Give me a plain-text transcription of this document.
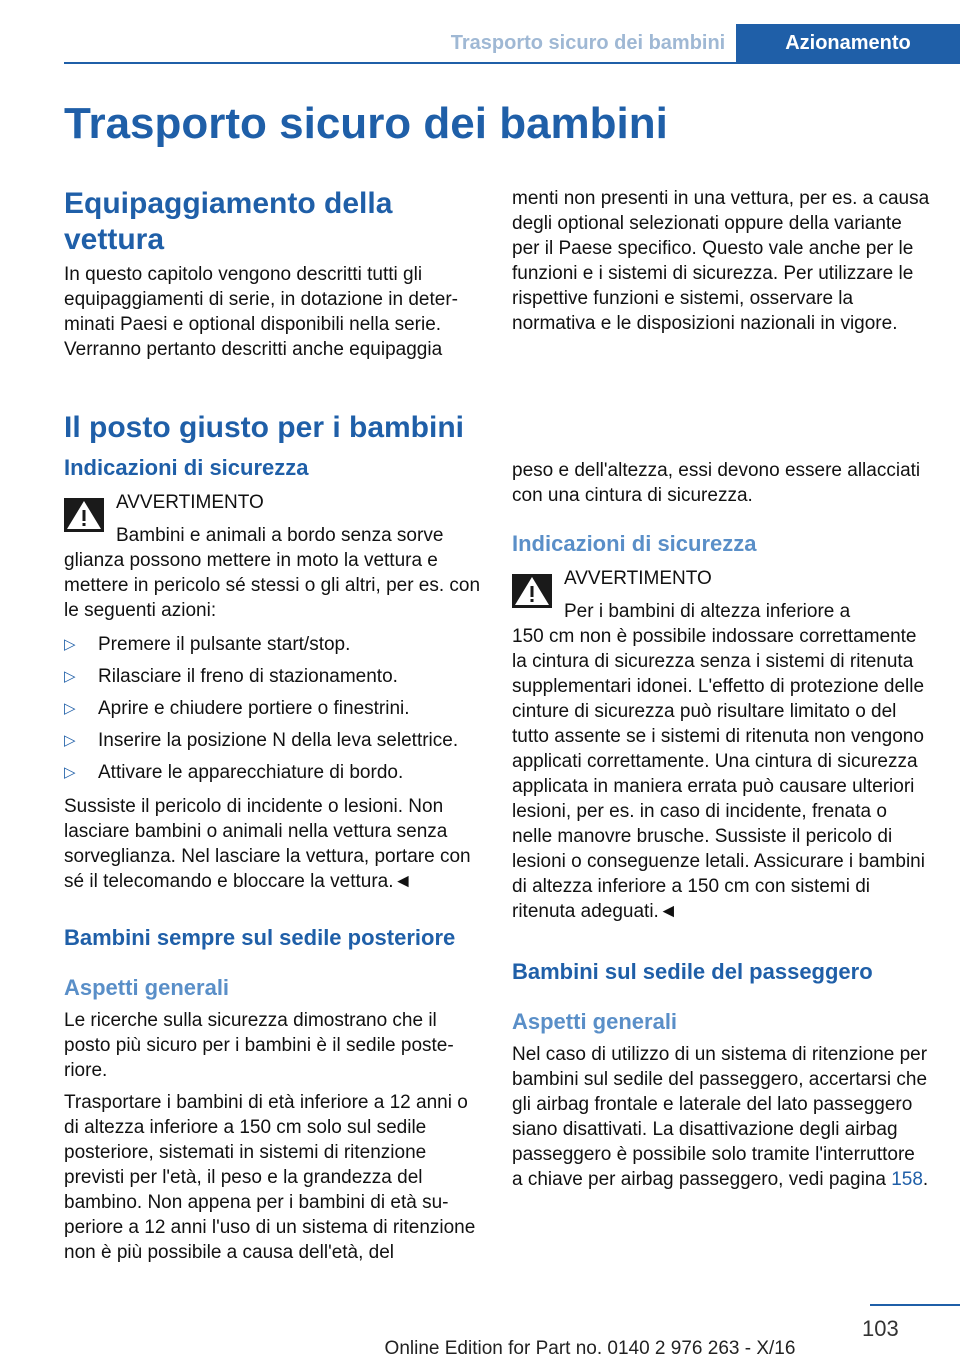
Trasporto sicuro dei bambini	Azionamento
Trasporto sicuro dei bambini
Equipaggiamento della
vettura
In questo capitolo vengono descritti tutti gli equipaggiamenti di serie, in dotazione in determinati Paesi e optional disponibili nella serie. Verranno pertanto descritti anche equipaggia
menti non presenti in una vettura, per es. a causa degli optional selezionati oppure della variante per il Paese specifico. Questo vale anche per le funzioni e i sistemi di sicurezza. Per utilizzare le rispettive funzioni e sistemi, osservare la normativa e le disposizioni nazionali in vigore.
Il posto giusto per i bambini
Indicazioni di sicurezza
AVVERTIMENTO
Bambini e animali a bordo senza sorve
glianza possono mettere in moto la vettura e mettere in pericolo sé stessi o gli altri, per es. con le seguenti azioni:
▷	Premere il pulsante start/stop.
▷	Rilasciare il freno di stazionamento.
▷	Aprire e chiudere portiere o finestrini.
▷	Inserire la posizione N della leva selettrice.
▷	Attivare le apparecchiature di bordo.
Sussiste il pericolo di incidente o lesioni. Non lasciare bambini o animali nella vettura senza sorveglianza. Nel lasciare la vettura, portare con sé il telecomando e bloccare la vettura.◄
Bambini sempre sul sedile posteriore
Aspetti generali
Le ricerche sulla sicurezza dimostrano che il posto più sicuro per i bambini è il sedile posteriore.
Trasportare i bambini di età inferiore a 12 anni o di altezza inferiore a 150 cm solo sul sedile posteriore, sistemati in sistemi di ritenzione previsti per l'età, il peso e la grandezza del bambino. Non appena per i bambini di età superiore a 12 anni l'uso di un sistema di ritenzione non è più possibile a causa dell'età, del
peso e dell'altezza, essi devono essere allacciati con una cintura di sicurezza.
Indicazioni di sicurezza
AVVERTIMENTO
Per i bambini di altezza inferiore a
150 cm non è possibile indossare correttamente la cintura di sicurezza senza i sistemi di ritenuta supplementari idonei. L'effetto di protezione delle cinture di sicurezza può risultare limitato o del tutto assente se i sistemi di ritenuta non vengono applicati correttamente. Una cintura di sicurezza applicata in maniera errata può causare ulteriori lesioni, per es. in caso di incidente, frenata o nelle manovre brusche. Sussiste il pericolo di lesioni o conseguenze letali. Assicurare i bambini di altezza inferiore a 150 cm con sistemi di ritenuta adeguati.◄
Bambini sul sedile del passeggero
Aspetti generali
Nel caso di utilizzo di un sistema di ritenzione per bambini sul sedile del passeggero, accertarsi che gli airbag frontale e laterale del lato passeggero siano disattivati. La disattivazione degli airbag passeggero è possibile solo tramite l'interruttore a chiave per airbag passeggero, vedi pagina 158.
103
Online Edition for Part no. 0140 2 976 263 - X/16
